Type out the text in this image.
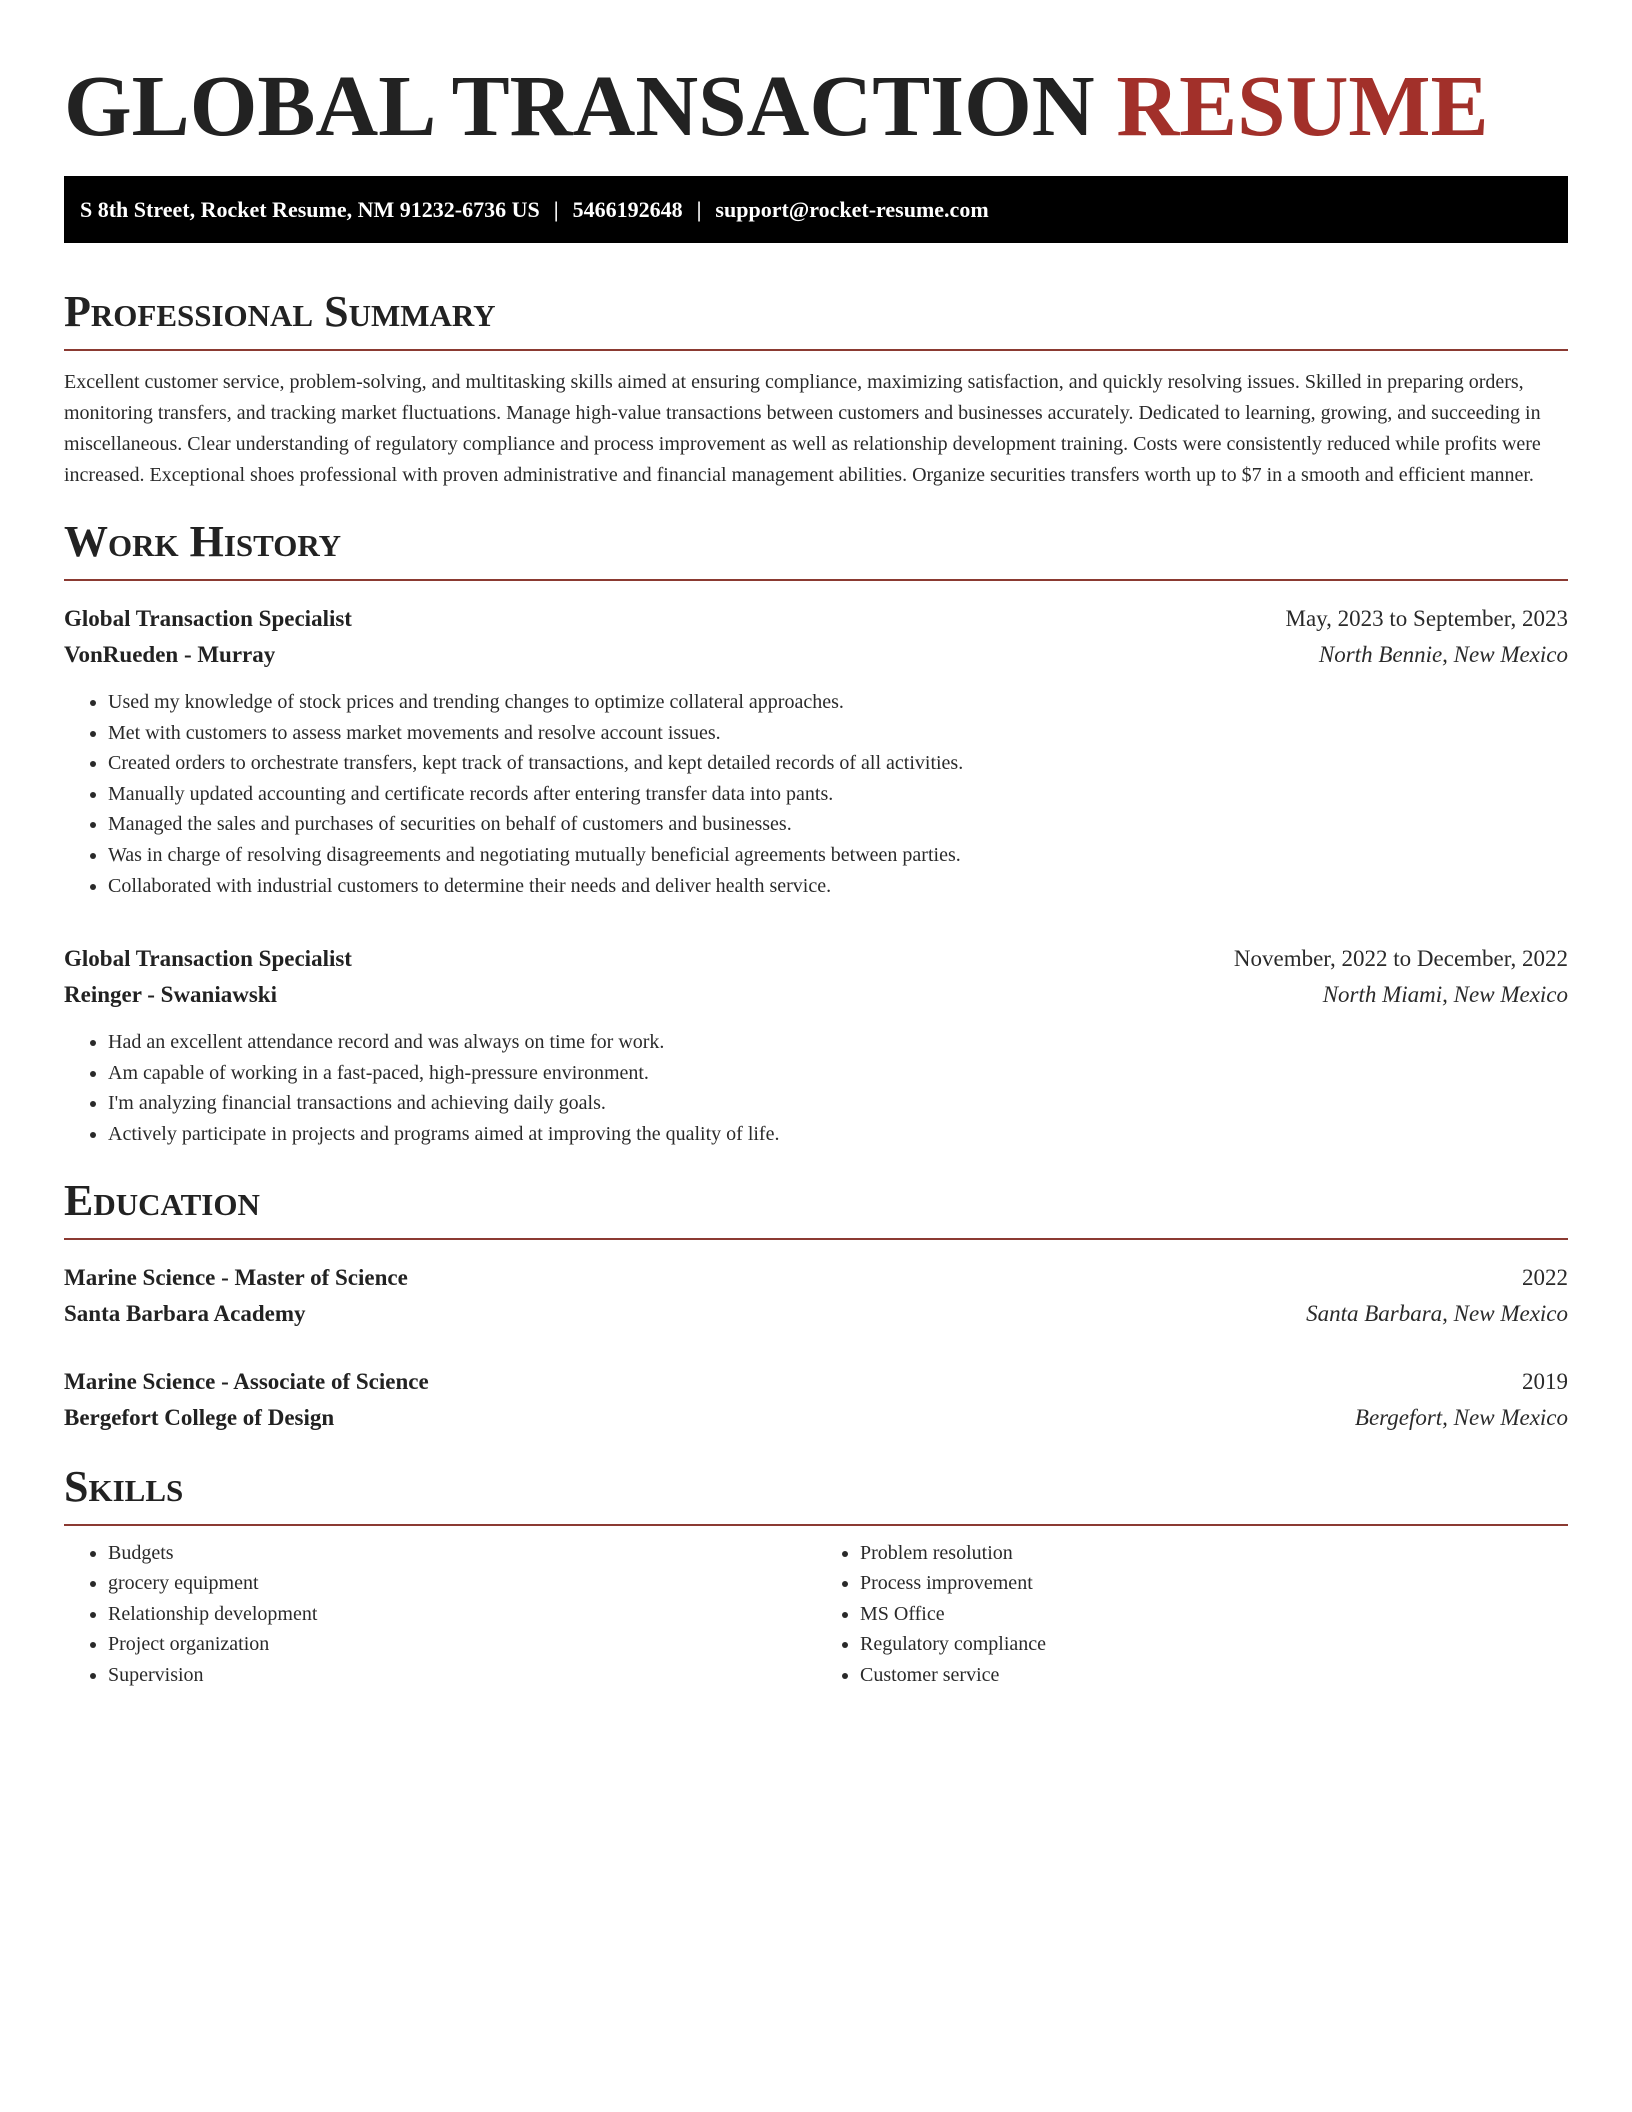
GLOBAL TRANSACTION RESUME
S 8th Street, Rocket Resume, NM 91232-6736 US | 5466192648 | support@rocket-resume.com
Professional Summary

Excellent customer service, problem-solving, and multitasking skills aimed at ensuring compliance, maximizing satisfaction, and quickly resolving issues. Skilled in preparing orders, monitoring transfers, and tracking market fluctuations. Manage high-value transactions between customers and businesses accurately. Dedicated to learning, growing, and succeeding in miscellaneous. Clear understanding of regulatory compliance and process improvement as well as relationship development training. Costs were consistently reduced while profits were increased. Exceptional shoes professional with proven administrative and financial management abilities. Organize securities transfers worth up to $7 in a smooth and efficient manner.

Work History
Global Transaction Specialist	May, 2023 to September, 2023
VonRueden - Murray	North Bennie, New Mexico
• Used my knowledge of stock prices and trending changes to optimize collateral approaches.
• Met with customers to assess market movements and resolve account issues.
• Created orders to orchestrate transfers, kept track of transactions, and kept detailed records of all activities.
• Manually updated accounting and certificate records after entering transfer data into pants.
• Managed the sales and purchases of securities on behalf of customers and businesses.
• Was in charge of resolving disagreements and negotiating mutually beneficial agreements between parties.
• Collaborated with industrial customers to determine their needs and deliver health service.
Global Transaction Specialist	November, 2022 to December, 2022
Reinger - Swaniawski	North Miami, New Mexico
• Had an excellent attendance record and was always on time for work.
• Am capable of working in a fast-paced, high-pressure environment.
• I'm analyzing financial transactions and achieving daily goals.
• Actively participate in projects and programs aimed at improving the quality of life.
Education
Marine Science - Master of Science	2022
Santa Barbara Academy	Santa Barbara, New Mexico
Marine Science - Associate of Science	2019
Bergefort College of Design	Bergefort, New Mexico
Skills
• Budgets
• grocery equipment
• Relationship development
• Project organization
• Supervision
• Problem resolution
• Process improvement
• MS Office
• Regulatory compliance
• Customer service
